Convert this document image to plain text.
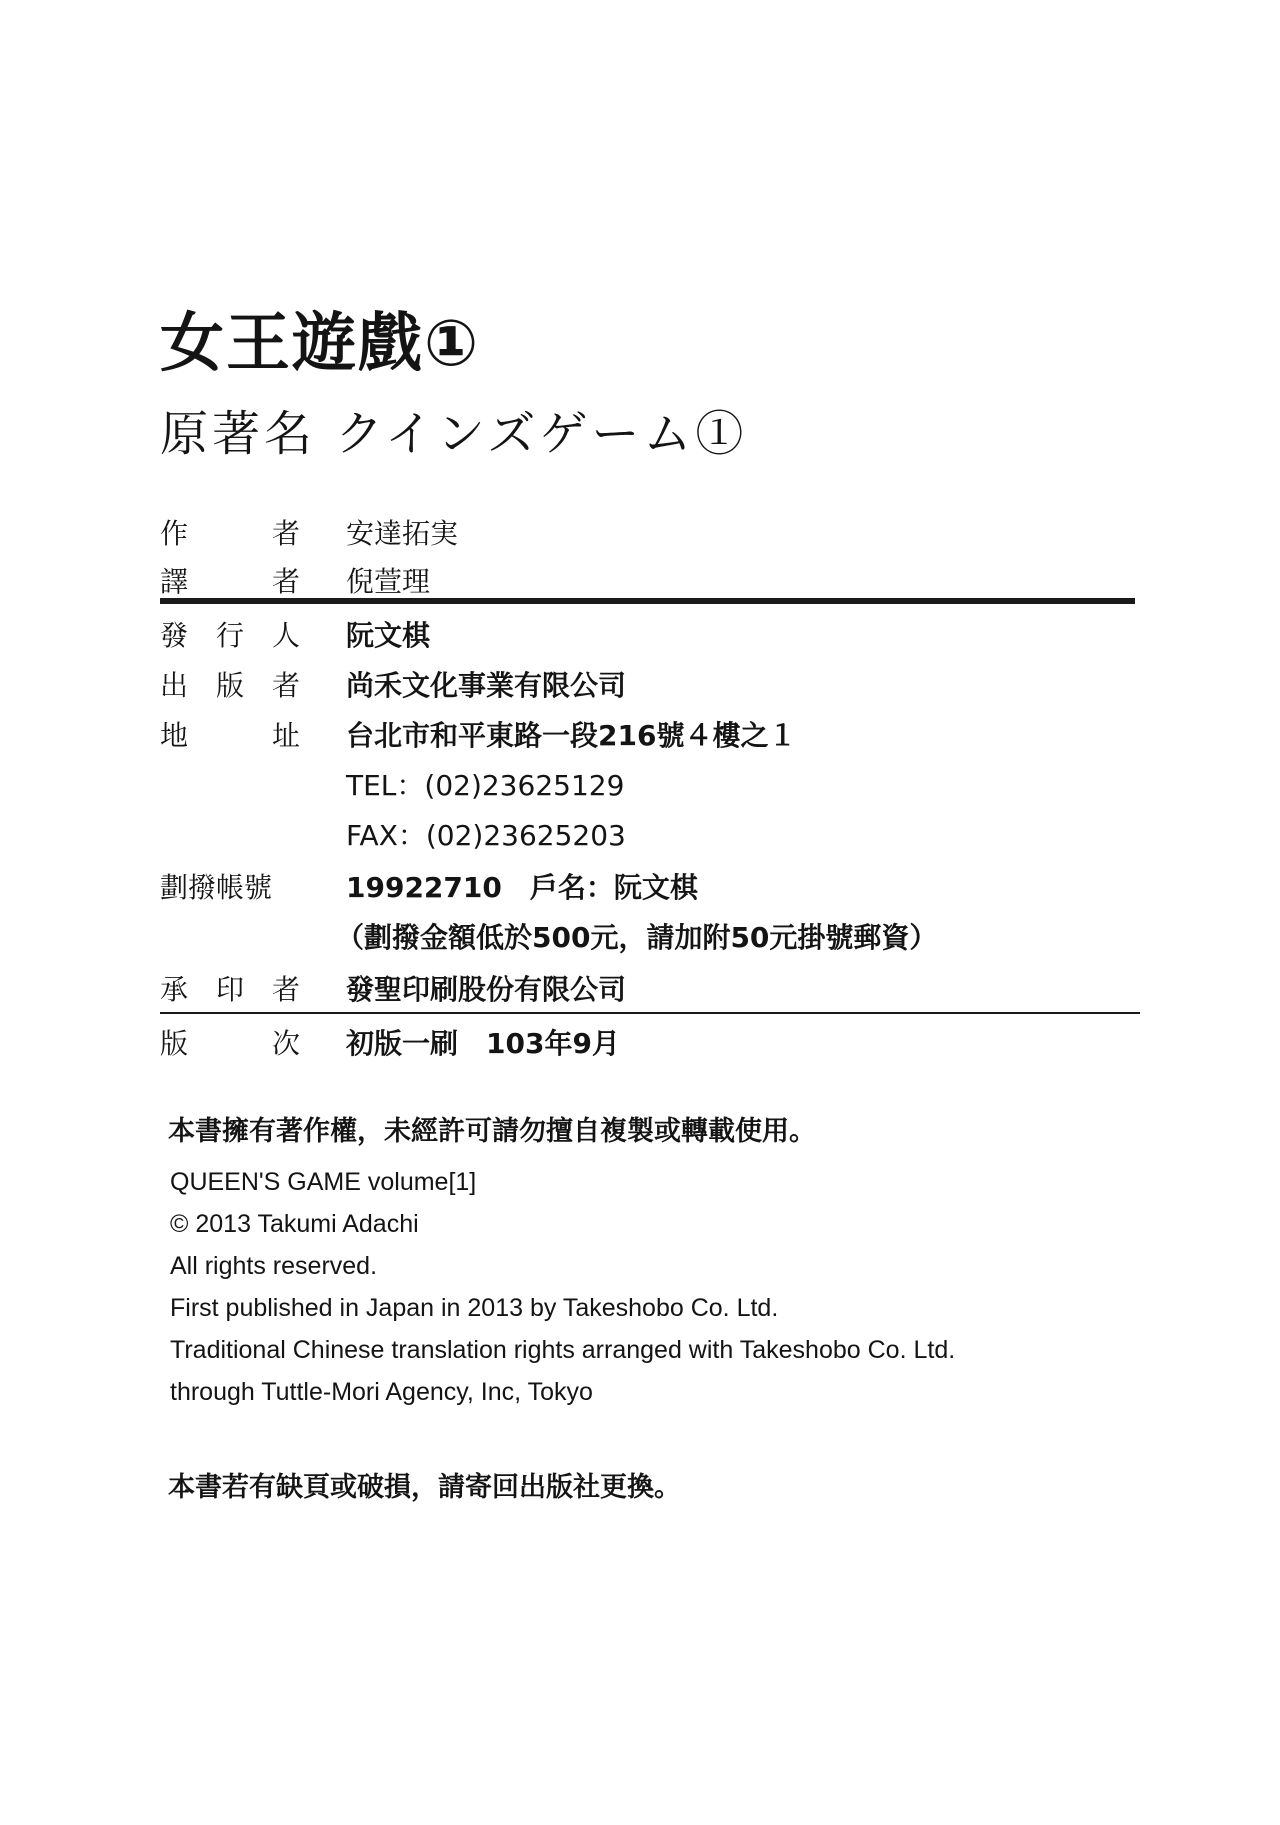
女王遊戲①
原著名 クインズゲーム①
作	者 安達拓実
譯	者 倪萱理
發 行 人 阮文棋
出 版 者 尚禾文化事業有限公司
地	址 台北市和平東路一段216號４樓之１
TEL：(02)23625129
FAX：(02)23625203
劃撥帳號	19922710　戶名：阮文棋
（劃撥金額低於500元，請加附50元掛號郵資）
承 印 者 發聖印刷股份有限公司
版	次 初版一刷　103年9月
本書擁有著作權，未經許可請勿擅自複製或轉載使用。
QUEEN'S GAME volume[1]
© 2013 Takumi Adachi
All rights reserved.
First published in Japan in 2013 by Takeshobo Co. Ltd.
Traditional Chinese translation rights arranged with Takeshobo Co. Ltd.
through Tuttle-Mori Agency, Inc, Tokyo
本書若有缺頁或破損，請寄回出版社更換。
